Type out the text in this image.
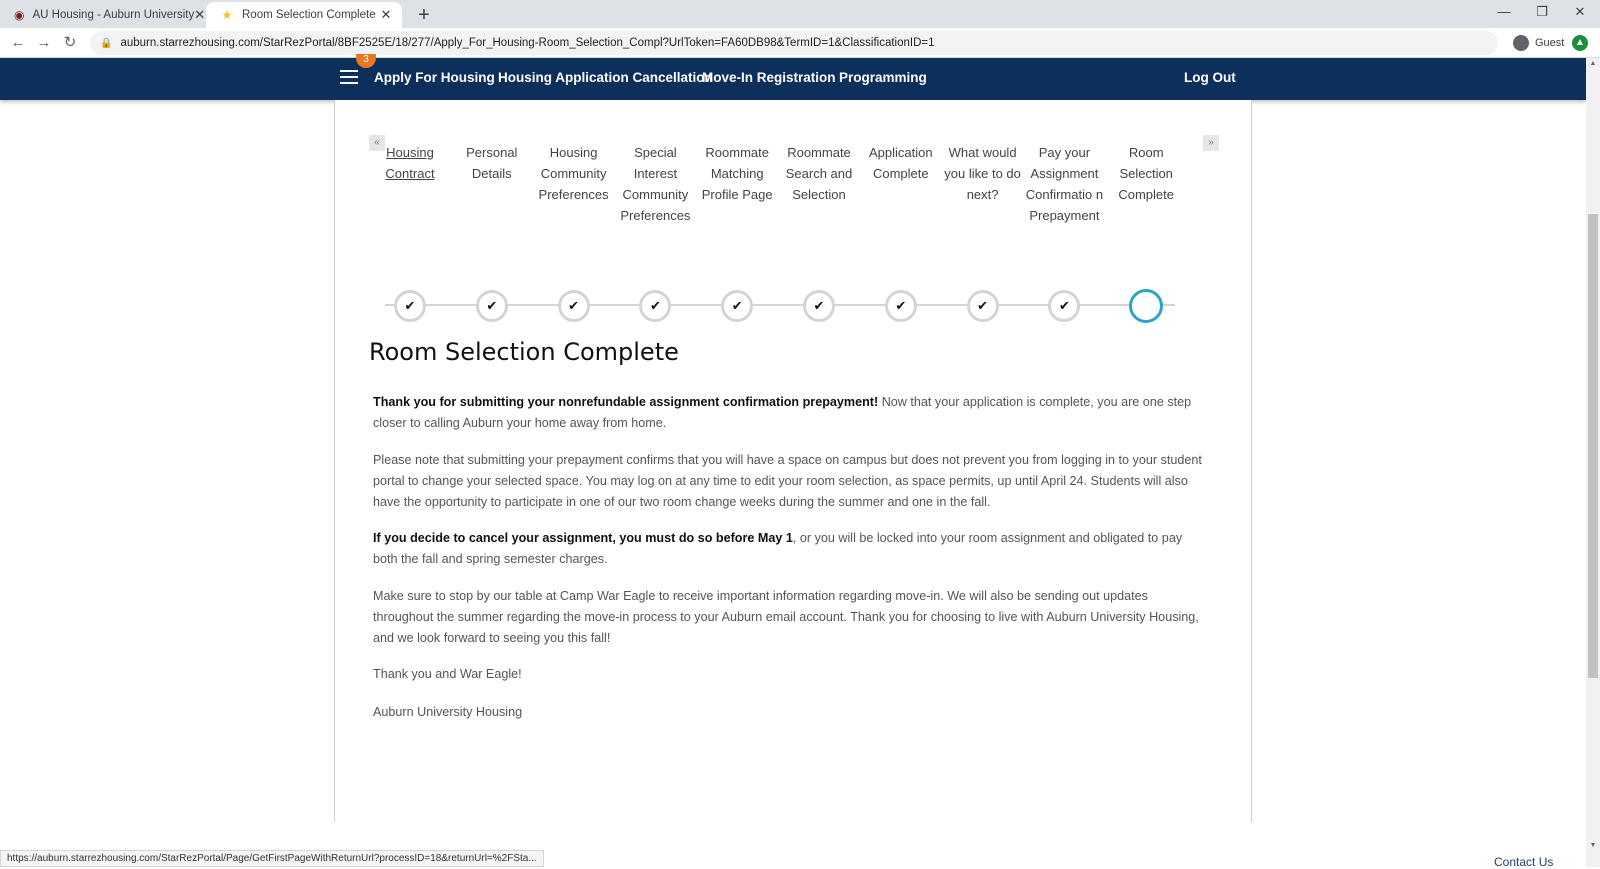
◉ AU Housing - Auburn University ✕ ★ Room Selection Complete ✕	+	—	❐	✕
← → ↻	🔒 auburn.starrezhousing.com/StarRezPortal/8BF2525E/18/277/Apply_For_Housing-Room_Selection_Compl?UrlToken=FA60DB98&TermID=1&ClassificationID=1	Guest	▲
3
Apply For Housing Housing Application Cancellation
Move-In Registration Programming	Log Out
«	»
Housing Contract
Personal Details
Housing Community Preferences
Special Interest Community Preferences
Roommate Matching Profile Page
Roommate Search and Selection
Application Complete
What would you like to do next?
Pay your Assignment Confirmatio n Prepayment
Room Selection Complete
✔	✔	✔	✔	✔	✔	✔	✔	✔
Room Selection Complete

Thank you for submitting your nonrefundable assignment confirmation prepayment! Now that your application is complete, you are one step closer to calling Auburn your home away from home.

Please note that submitting your prepayment confirms that you will have a space on campus but does not prevent you from logging in to your student portal to change your selected space. You may log on at any time to edit your room selection, as space permits, up until April 24. Students will also have the opportunity to participate in one of our two room change weeks during the summer and one in the fall.

If you decide to cancel your assignment, you must do so before May 1, or you will be locked into your room assignment and obligated to pay both the fall and spring semester charges.

Make sure to stop by our table at Camp War Eagle to receive important information regarding move-in. We will also be sending out updates throughout the summer regarding the move-in process to your Auburn email account. Thank you for choosing to live with Auburn University Housing, and we look forward to seeing you this fall!

Thank you and War Eagle!

Auburn University Housing

Contact Us
https://auburn.starrezhousing.com/StarRezPortal/Page/GetFirstPageWithReturnUrl?processID=18&returnUrl=%2FSta...
▲
▼
